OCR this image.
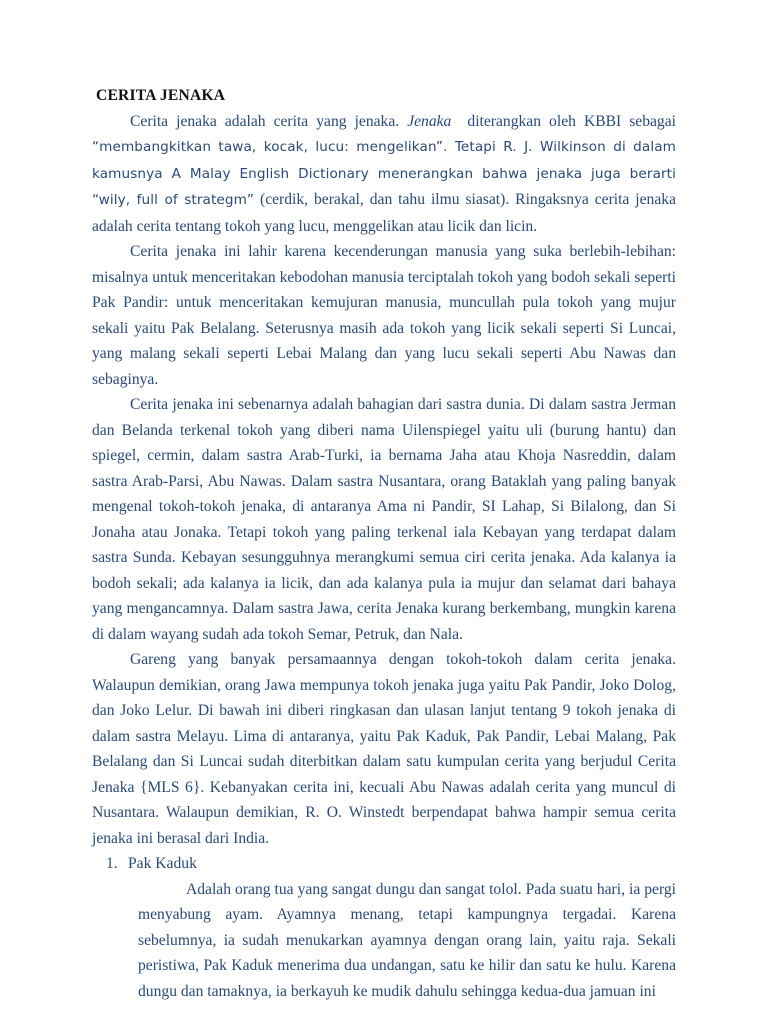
CERITA JENAKA

Cerita jenaka adalah cerita yang jenaka. Jenaka  diterangkan oleh KBBI sebagai “membangkitkan tawa, kocak, lucu: mengelikan”. Tetapi R. J. Wilkinson di dalam kamusnya A Malay English Dictionary menerangkan bahwa jenaka juga berarti “wily, full of strategm” (cerdik, berakal, dan tahu ilmu siasat). Ringaksnya cerita jenaka adalah cerita tentang tokoh yang lucu, menggelikan atau licik dan licin.

Cerita jenaka ini lahir karena kecenderungan manusia yang suka berlebih-lebihan: misalnya untuk menceritakan kebodohan manusia terciptalah tokoh yang bodoh sekali seperti Pak Pandir: untuk menceritakan kemujuran manusia, muncullah pula tokoh yang mujur sekali yaitu Pak Belalang. Seterusnya masih ada tokoh yang licik sekali seperti Si Luncai, yang malang sekali seperti Lebai Malang dan yang lucu sekali seperti Abu Nawas dan sebaginya.

Cerita jenaka ini sebenarnya adalah bahagian dari sastra dunia. Di dalam sastra Jerman dan Belanda terkenal tokoh yang diberi nama Uilenspiegel yaitu uli (burung hantu) dan spiegel, cermin, dalam sastra Arab-Turki, ia bernama Jaha atau Khoja Nasreddin, dalam sastra Arab-Parsi, Abu Nawas. Dalam sastra Nusantara, orang Bataklah yang paling banyak mengenal tokoh-tokoh jenaka, di antaranya Ama ni Pandir, SI Lahap, Si Bilalong, dan Si Jonaha atau Jonaka. Tetapi tokoh yang paling terkenal iala Kebayan yang terdapat dalam sastra Sunda. Kebayan sesungguhnya merangkumi semua ciri cerita jenaka. Ada kalanya ia bodoh sekali; ada kalanya ia licik, dan ada kalanya pula ia mujur dan selamat dari bahaya yang mengancamnya. Dalam sastra Jawa, cerita Jenaka kurang berkembang, mungkin karena di dalam wayang sudah ada tokoh Semar, Petruk, dan Nala.

Gareng yang banyak persamaannya dengan tokoh-tokoh dalam cerita jenaka. Walaupun demikian, orang Jawa mempunya tokoh jenaka juga yaitu Pak Pandir, Joko Dolog, dan Joko Lelur. Di bawah ini diberi ringkasan dan ulasan lanjut tentang 9 tokoh jenaka di dalam sastra Melayu. Lima di antaranya, yaitu Pak Kaduk, Pak Pandir, Lebai Malang, Pak Belalang dan Si Luncai sudah diterbitkan dalam satu kumpulan cerita yang berjudul Cerita Jenaka {MLS 6}. Kebanyakan cerita ini, kecuali Abu Nawas adalah cerita yang muncul di Nusantara. Walaupun demikian, R. O. Winstedt berpendapat bahwa hampir semua cerita jenaka ini berasal dari India.

1. Pak Kaduk
Adalah orang tua yang sangat dungu dan sangat tolol. Pada suatu hari, ia pergi menyabung ayam. Ayamnya menang, tetapi kampungnya tergadai. Karena sebelumnya, ia sudah menukarkan ayamnya dengan orang lain, yaitu raja. Sekali peristiwa, Pak Kaduk menerima dua undangan, satu ke hilir dan satu ke hulu. Karena dungu dan tamaknya, ia berkayuh ke mudik dahulu sehingga kedua-dua jamuan ini
